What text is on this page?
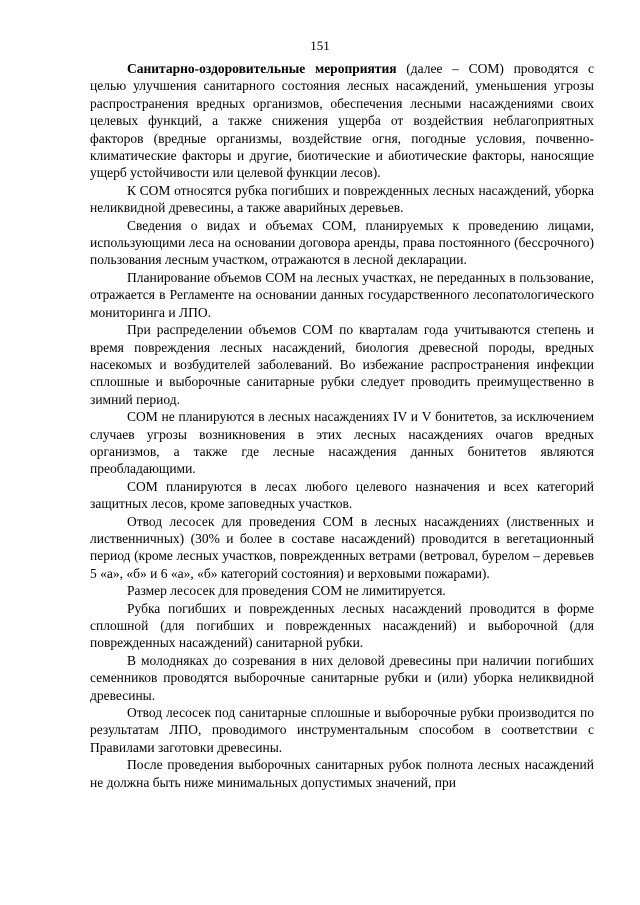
151

Санитарно-оздоровительные мероприятия (далее – СОМ) проводятся с целью улучшения санитарного состояния лесных насаждений, уменьшения угрозы распространения вредных организмов, обеспечения лесными насаждениями своих целевых функций, а также снижения ущерба от воздействия неблагоприятных факторов (вредные организмы, воздействие огня, погодные условия, почвенно-климатические факторы и другие, биотические и абиотические факторы, наносящие ущерб устойчивости или целевой функции лесов).

К СОМ относятся рубка погибших и поврежденных лесных насаждений, уборка неликвидной древесины, а также аварийных деревьев.

Сведения о видах и объемах СОМ, планируемых к проведению лицами, использующими леса на основании договора аренды, права постоянного (бессрочного) пользования лесным участком, отражаются в лесной декларации.

Планирование объемов СОМ на лесных участках, не переданных в пользование, отражается в Регламенте на основании данных государственного лесопатологического мониторинга и ЛПО.

При распределении объемов СОМ по кварталам года учитываются степень и время повреждения лесных насаждений, биология древесной породы, вредных насекомых и возбудителей заболеваний. Во избежание распространения инфекции сплошные и выборочные санитарные рубки следует проводить преимущественно в зимний период.

СОМ не планируются в лесных насаждениях IV и V бонитетов, за исключением случаев угрозы возникновения в этих лесных насаждениях очагов вредных организмов, а также где лесные насаждения данных бонитетов являются преобладающими.

СОМ планируются в лесах любого целевого назначения и всех категорий защитных лесов, кроме заповедных участков.

Отвод лесосек для проведения СОМ в лесных насаждениях (лиственных и лиственничных) (30% и более в составе насаждений) проводится в вегетационный период (кроме лесных участков, поврежденных ветрами (ветровал, бурелом – деревьев 5 «а», «б» и 6 «а», «б» категорий состояния) и верховыми пожарами).

Размер лесосек для проведения СОМ не лимитируется.

Рубка погибших и поврежденных лесных насаждений проводится в форме сплошной (для погибших и поврежденных насаждений) и выборочной (для поврежденных насаждений) санитарной рубки.

В молодняках до созревания в них деловой древесины при наличии погибших семенников проводятся выборочные санитарные рубки и (или) уборка неликвидной древесины.

Отвод лесосек под санитарные сплошные и выборочные рубки производится по результатам ЛПО, проводимого инструментальным способом в соответствии с Правилами заготовки древесины.

После проведения выборочных санитарных рубок полнота лесных насаждений не должна быть ниже минимальных допустимых значений, при
